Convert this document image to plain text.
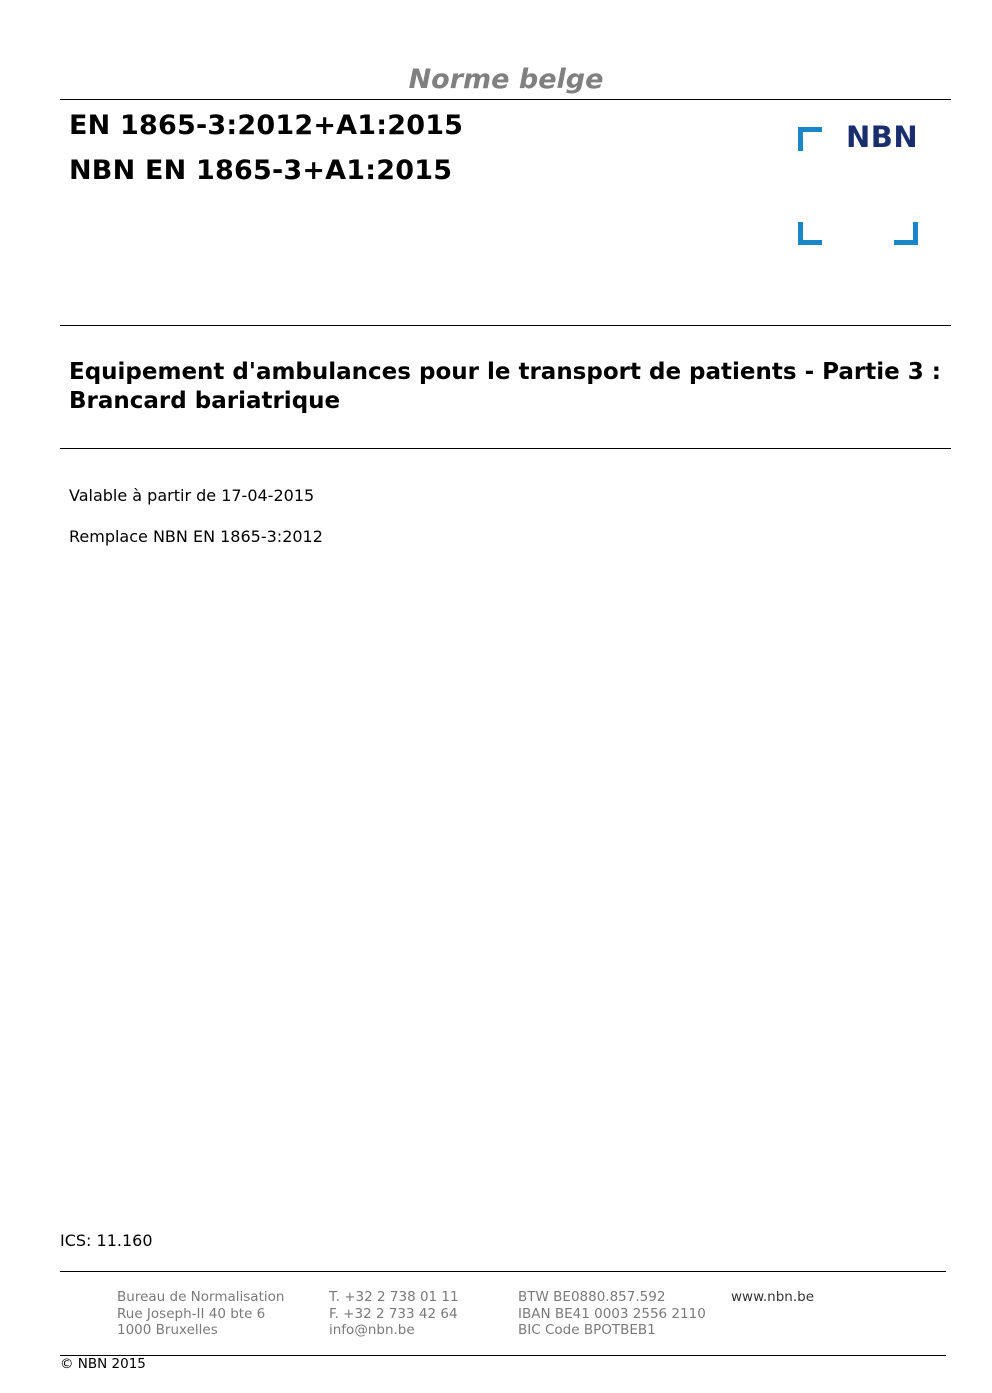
Norme belge
EN 1865-3:2012+A1:2015
NBN EN 1865-3+A1:2015
NBN
Equipement d'ambulances pour le transport de patients - Partie 3 : Brancard bariatrique
Valable à partir de 17-04-2015
Remplace NBN EN 1865-3:2012
ICS: 11.160
Bureau de Normalisation
Rue Joseph-II 40 bte 6
1000 Bruxelles
T. +32 2 738 01 11
F. +32 2 733 42 64
info@nbn.be
BTW BE0880.857.592
IBAN BE41 0003 2556 2110
BIC Code BPOTBEB1
www.nbn.be
© NBN 2015
